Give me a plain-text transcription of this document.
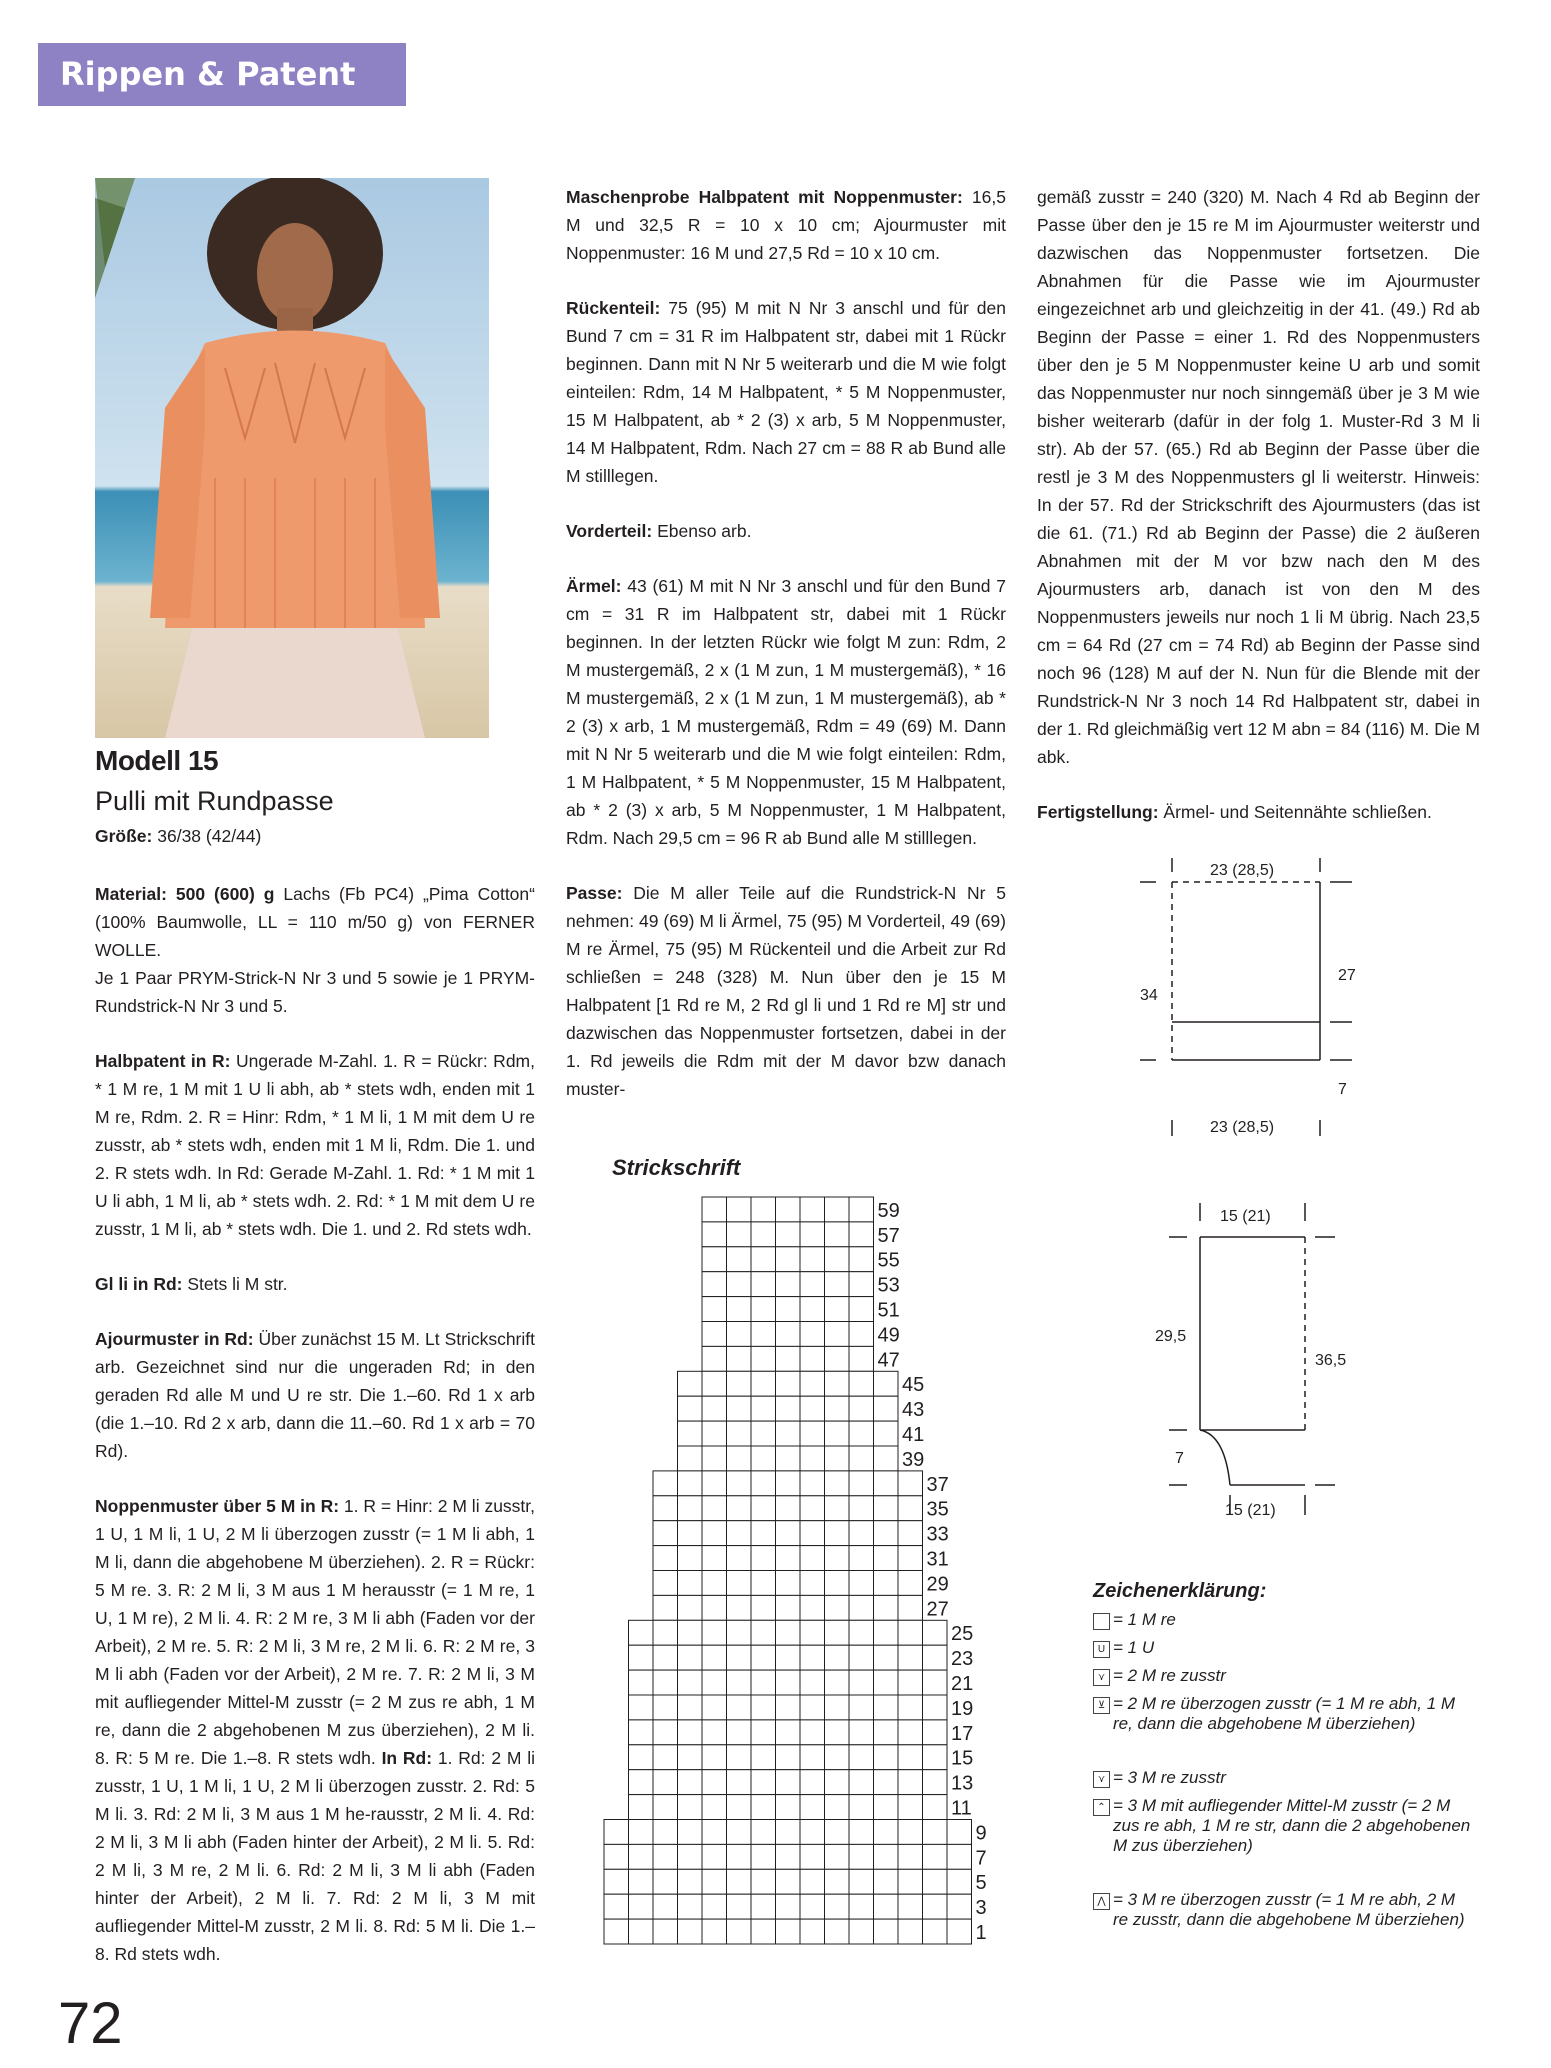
Rippen & Patent
Modell 15
Pulli mit Rundpasse
Größe: 36/38 (42/44)

Material: 500 (600) g Lachs (Fb PC4) „Pima Cotton“ (100% Baumwolle, LL = 110 m/50 g) von FERNER WOLLE.
Je 1 Paar PRYM-Strick-N Nr 3 und 5 sowie je 1 PRYM-Rundstrick-N Nr 3 und 5.

Halbpatent in R: Ungerade M-Zahl. 1. R = Rückr: Rdm, * 1 M re, 1 M mit 1 U li abh, ab * stets wdh, enden mit 1 M re, Rdm. 2. R = Hinr: Rdm, * 1 M li, 1 M mit dem U re zusstr, ab * stets wdh, enden mit 1 M li, Rdm. Die 1. und 2. R stets wdh. In Rd: Gerade M-Zahl. 1. Rd: * 1 M mit 1 U li abh, 1 M li, ab * stets wdh. 2. Rd: * 1 M mit dem U re zusstr, 1 M li, ab * stets wdh. Die 1. und 2. Rd stets wdh.

Gl li in Rd: Stets li M str.

Ajourmuster in Rd: Über zunächst 15 M. Lt Strickschrift arb. Gezeichnet sind nur die ungeraden Rd; in den geraden Rd alle M und U re str. Die 1.–60. Rd 1 x arb (die 1.–10. Rd 2 x arb, dann die 11.–60. Rd 1 x arb = 70 Rd).

Noppenmuster über 5 M in R: 1. R = Hinr: 2 M li zusstr, 1 U, 1 M li, 1 U, 2 M li überzogen zusstr (= 1 M li abh, 1 M li, dann die abgehobene M überziehen). 2. R = Rückr: 5 M re. 3. R: 2 M li, 3 M aus 1 M herausstr (= 1 M re, 1 U, 1 M re), 2 M li. 4. R: 2 M re, 3 M li abh (Faden vor der Arbeit), 2 M re. 5. R: 2 M li, 3 M re, 2 M li. 6. R: 2 M re, 3 M li abh (Faden vor der Arbeit), 2 M re. 7. R: 2 M li, 3 M mit aufliegender Mittel-M zusstr (= 2 M zus re abh, 1 M re, dann die 2 abgehobenen M zus überziehen), 2 M li. 8. R: 5 M re. Die 1.–8. R stets wdh. In Rd: 1. Rd: 2 M li zusstr, 1 U, 1 M li, 1 U, 2 M li überzogen zusstr. 2. Rd: 5 M li. 3. Rd: 2 M li, 3 M aus 1 M he-rausstr, 2 M li. 4. Rd: 2 M li, 3 M li abh (Faden hinter der Arbeit), 2 M li. 5. Rd: 2 M li, 3 M re, 2 M li. 6. Rd: 2 M li, 3 M li abh (Faden hinter der Arbeit), 2 M li. 7. Rd: 2 M li, 3 M mit aufliegender Mittel-M zusstr, 2 M li. 8. Rd: 5 M li. Die 1.–8. Rd stets wdh.

Maschenprobe Halbpatent mit Noppenmuster: 16,5 M und 32,5 R = 10 x 10 cm; Ajourmuster mit Noppenmuster: 16 M und 27,5 Rd = 10 x 10 cm.

Rückenteil: 75 (95) M mit N Nr 3 anschl und für den Bund 7 cm = 31 R im Halbpatent str, dabei mit 1 Rückr beginnen. Dann mit N Nr 5 weiterarb und die M wie folgt einteilen: Rdm, 14 M Halbpatent, * 5 M Noppenmuster, 15 M Halbpatent, ab * 2 (3) x arb, 5 M Noppenmuster, 14 M Halbpatent, Rdm. Nach 27 cm = 88 R ab Bund alle M stilllegen.

Vorderteil: Ebenso arb.

Ärmel: 43 (61) M mit N Nr 3 anschl und für den Bund 7 cm = 31 R im Halbpatent str, dabei mit 1 Rückr beginnen. In der letzten Rückr wie folgt M zun: Rdm, 2 M mustergemäß, 2 x (1 M zun, 1 M mustergemäß), * 16 M mustergemäß, 2 x (1 M zun, 1 M mustergemäß), ab * 2 (3) x arb, 1 M mustergemäß, Rdm = 49 (69) M. Dann mit N Nr 5 weiterarb und die M wie folgt einteilen: Rdm, 1 M Halbpatent, * 5 M Noppenmuster, 15 M Halbpatent, ab * 2 (3) x arb, 5 M Noppenmuster, 1 M Halbpatent, Rdm. Nach 29,5 cm = 96 R ab Bund alle M stilllegen.

Passe: Die M aller Teile auf die Rundstrick-N Nr 5 nehmen: 49 (69) M li Ärmel, 75 (95) M Vorderteil, 49 (69) M re Ärmel, 75 (95) M Rückenteil und die Arbeit zur Rd schließen = 248 (328) M. Nun über den je 15 M Halbpatent [1 Rd re M, 2 Rd gl li und 1 Rd re M] str und dazwischen das Noppenmuster fortsetzen, dabei in der 1. Rd jeweils die Rdm mit der M davor bzw danach muster-

gemäß zusstr = 240 (320) M. Nach 4 Rd ab Beginn der Passe über den je 15 re M im Ajourmuster weiterstr und dazwischen das Noppenmuster fortsetzen. Die Abnahmen für die Passe wie im Ajourmuster eingezeichnet arb und gleichzeitig in der 41. (49.) Rd ab Beginn der Passe = einer 1. Rd des Noppenmusters über den je 5 M Noppenmuster keine U arb und somit das Noppenmuster nur noch sinngemäß über je 3 M wie bisher weiterarb (dafür in der folg 1. Muster-Rd 3 M li str). Ab der 57. (65.) Rd ab Beginn der Passe über die restl je 3 M des Noppenmusters gl li weiterstr. Hinweis: In der 57. Rd der Strickschrift des Ajourmusters (das ist die 61. (71.) Rd ab Beginn der Passe) die 2 äußeren Abnahmen mit der M vor bzw nach den M des Ajourmusters arb, danach ist von den M des Noppenmusters jeweils nur noch 1 li M übrig. Nach 23,5 cm = 64 Rd (27 cm = 74 Rd) ab Beginn der Passe sind noch 96 (128) M auf der N. Nun für die Blende mit der Rundstrick-N Nr 3 noch 14 Rd Halbpatent str, dabei in der 1. Rd gleichmäßig vert 12 M abn = 84 (116) M. Die M abk.

Fertigstellung: Ärmel- und Seitennähte schließen.

23 (28,5)
23 (28,5)
34
27
7
15 (21)
15 (21)
29,5
36,5
7
Strickschrift
59
57
55
53
51
49
47
45
43
41
39
37
35
33
31
29
27
25
23
21
19
17
15
13
11
9
7
5
3
1
Zeichenerklärung:
= 1 M re
U = 1 U
⋎ = 2 M re zusstr
⊻ = 2 M re überzogen zusstr (= 1 M re abh, 1 M re, dann die abgehobene M überziehen)
⋎ = 3 M re zusstr
⌃ = 3 M mit aufliegender Mittel-M zusstr (= 2 M zus re abh, 1 M re str, dann die 2 abgehobenen M zus überziehen)
⋀ = 3 M re überzogen zusstr (= 1 M re abh, 2 M re zusstr, dann die abgehobene M überziehen)
72
